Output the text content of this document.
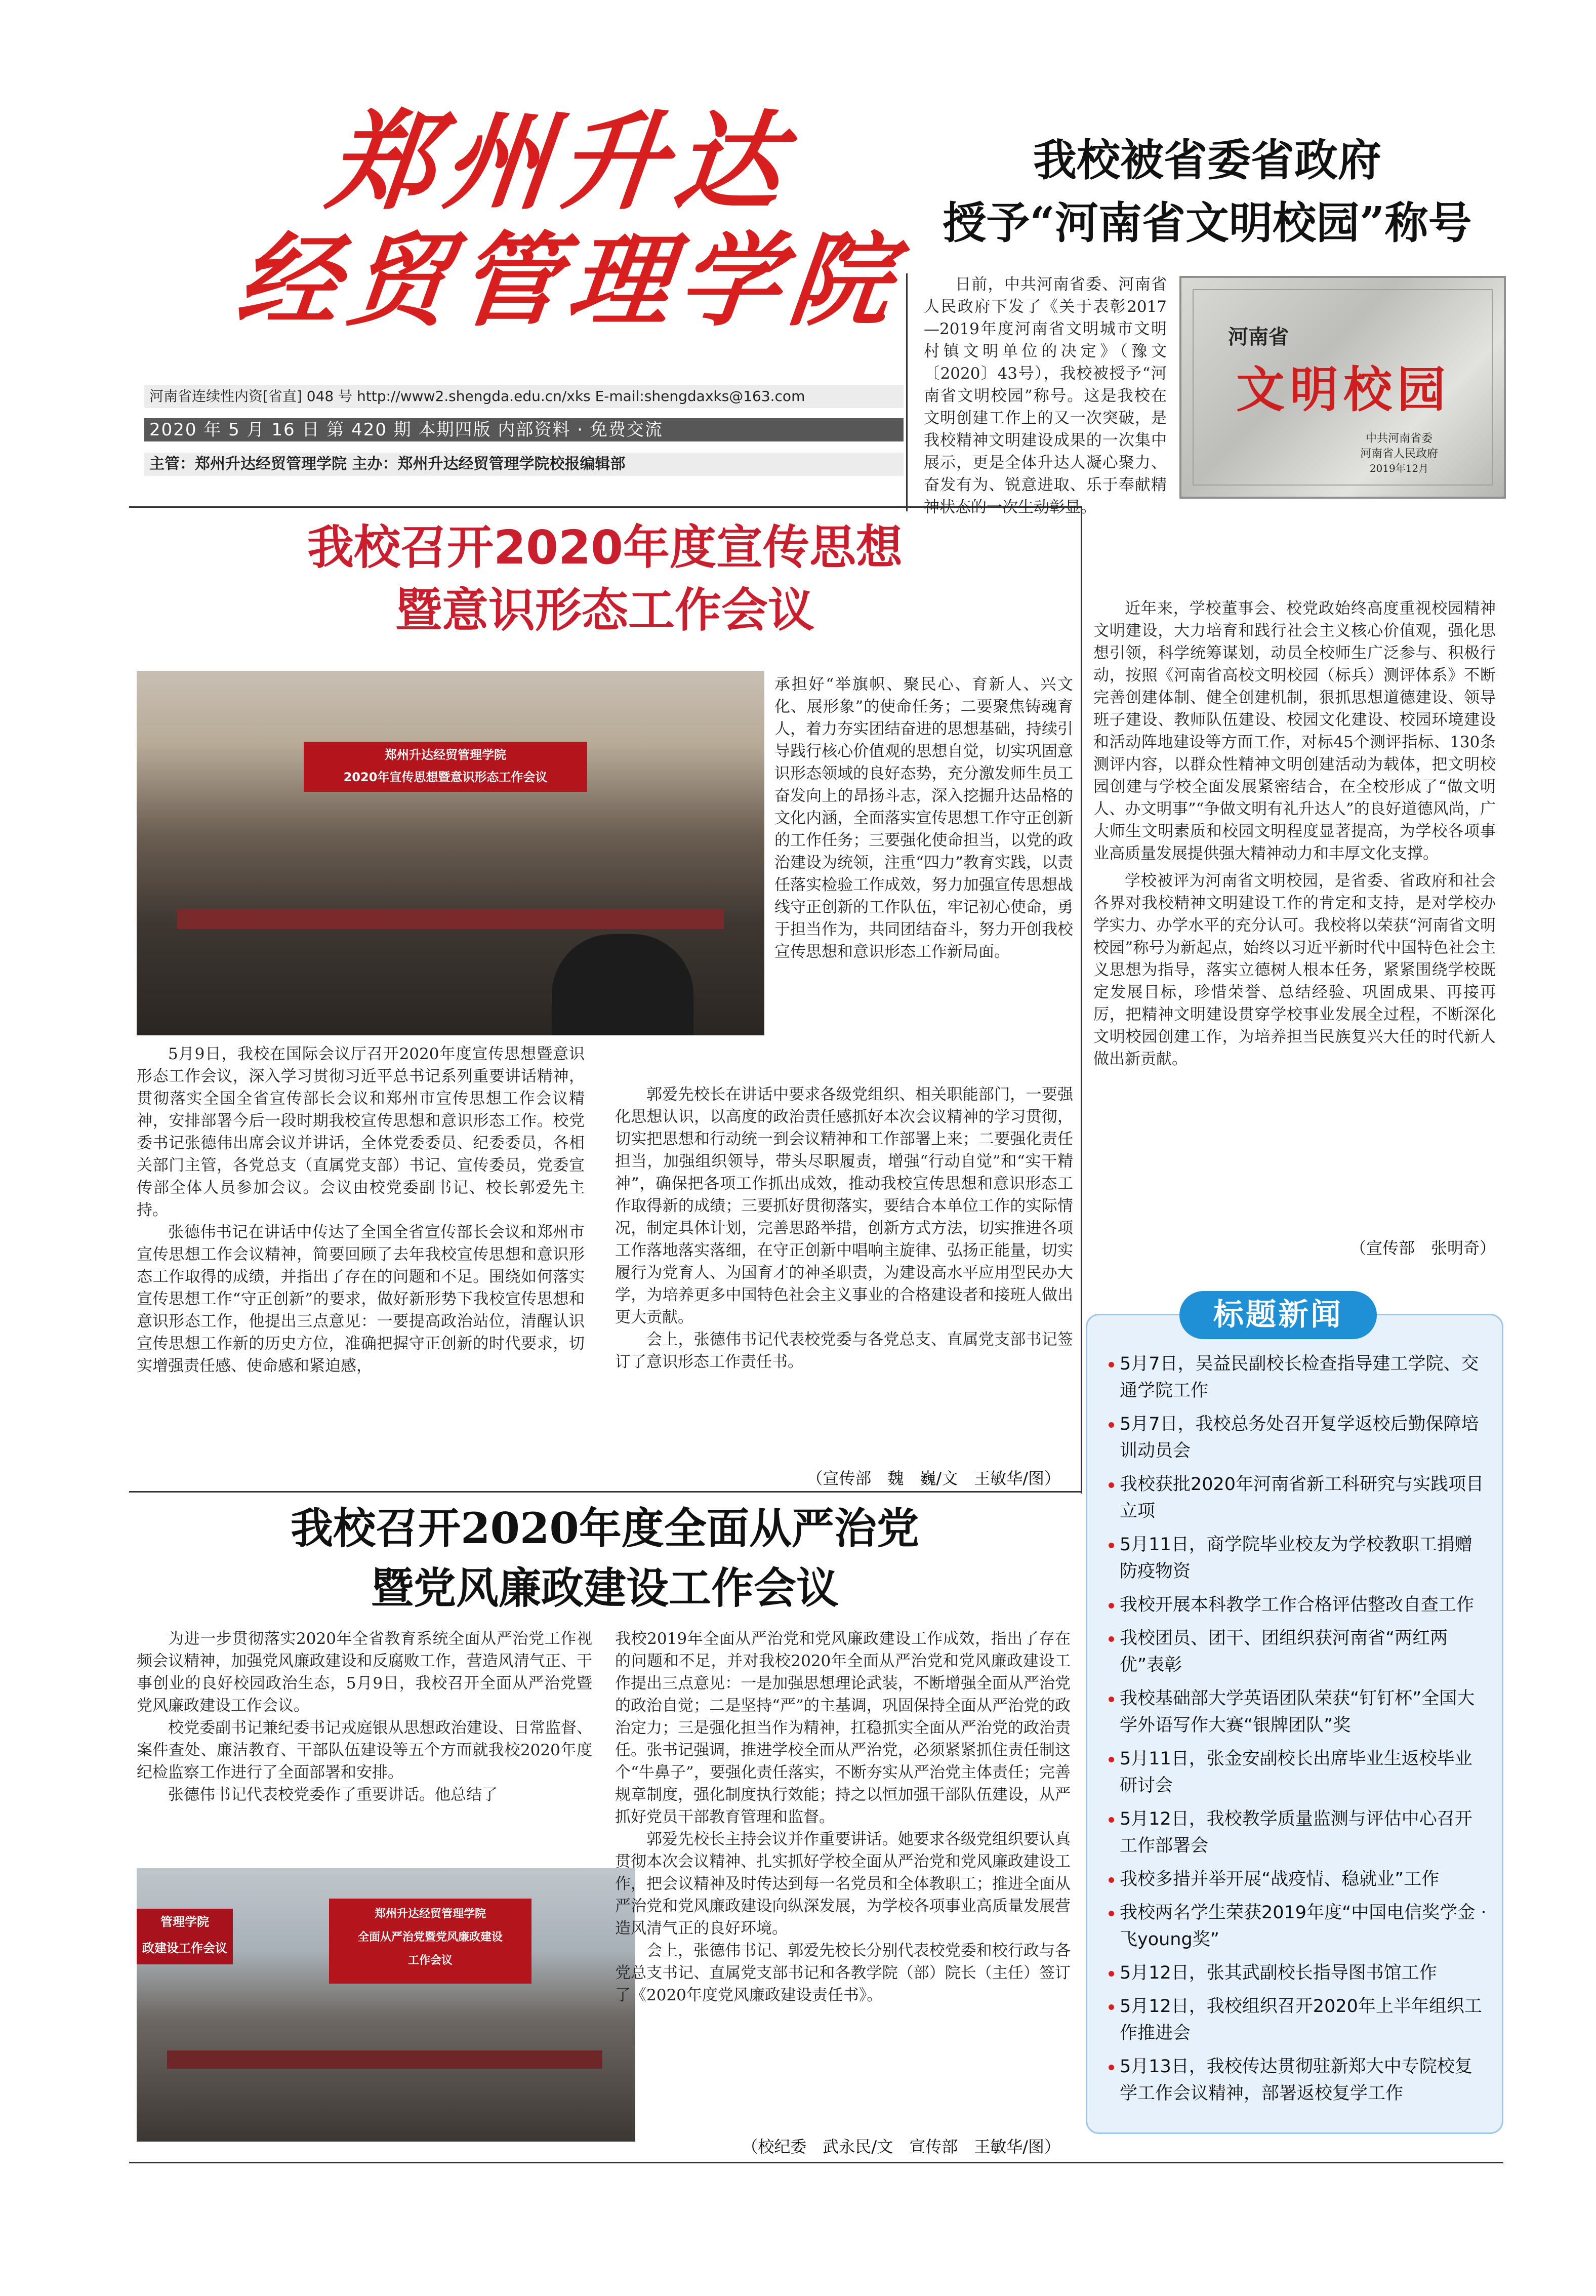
郑州升达
经贸管理学院
河南省连续性内资[省直] 048 号 http://www2.shengda.edu.cn/xks E-mail:shengdaxks@163.com
2020 年 5 月 16 日 第 420 期 本期四版 内部资料 · 免费交流
主管：郑州升达经贸管理学院 主办：郑州升达经贸管理学院校报编辑部
我校被省委省政府
授予“河南省文明校园”称号
河南省
文明校园
中共河南省委
河南省人民政府
2019年12月

日前，中共河南省委、河南省人民政府下发了《关于表彰2017—2019年度河南省文明城市文明村镇文明单位的决定》（豫文〔2020〕43号），我校被授予“河南省文明校园”称号。这是我校在文明创建工作上的又一次突破，是我校精神文明建设成果的一次集中展示，更是全体升达人凝心聚力、奋发有为、锐意进取、乐于奉献精神状态的一次生动彰显。

近年来，学校董事会、校党政始终高度重视校园精神文明建设，大力培育和践行社会主义核心价值观，强化思想引领，科学统筹谋划，动员全校师生广泛参与、积极行动，按照《河南省高校文明校园（标兵）测评体系》不断完善创建体制、健全创建机制，狠抓思想道德建设、领导班子建设、教师队伍建设、校园文化建设、校园环境建设和活动阵地建设等方面工作，对标45个测评指标、130条测评内容，以群众性精神文明创建活动为载体，把文明校园创建与学校全面发展紧密结合，在全校形成了“做文明人、办文明事”“争做文明有礼升达人”的良好道德风尚，广大师生文明素质和校园文明程度显著提高，为学校各项事业高质量发展提供强大精神动力和丰厚文化支撑。

学校被评为河南省文明校园，是省委、省政府和社会各界对我校精神文明建设工作的肯定和支持，是对学校办学实力、办学水平的充分认可。我校将以荣获“河南省文明校园”称号为新起点，始终以习近平新时代中国特色社会主义思想为指导，落实立德树人根本任务，紧紧围绕学校既定发展目标，珍惜荣誉、总结经验、巩固成果、再接再厉，把精神文明建设贯穿学校事业发展全过程，不断深化文明校园创建工作，为培养担当民族复兴大任的时代新人做出新贡献。

（宣传部　张明奇）
我校召开2020年度宣传思想
暨意识形态工作会议
郑州升达经贸管理学院
2020年宣传思想暨意识形态工作会议

承担好“举旗帜、聚民心、育新人、兴文化、展形象”的使命任务；二要聚焦铸魂育人，着力夯实团结奋进的思想基础，持续引导践行核心价值观的思想自觉，切实巩固意识形态领域的良好态势，充分激发师生员工奋发向上的昂扬斗志，深入挖掘升达品格的文化内涵，全面落实宣传思想工作守正创新的工作任务；三要强化使命担当，以党的政治建设为统领，注重“四力”教育实践，以责任落实检验工作成效，努力加强宣传思想战线守正创新的工作队伍，牢记初心使命，勇于担当作为，共同团结奋斗，努力开创我校宣传思想和意识形态工作新局面。

5月9日，我校在国际会议厅召开2020年度宣传思想暨意识形态工作会议，深入学习贯彻习近平总书记系列重要讲话精神，贯彻落实全国全省宣传部长会议和郑州市宣传思想工作会议精神，安排部署今后一段时期我校宣传思想和意识形态工作。校党委书记张德伟出席会议并讲话，全体党委委员、纪委委员，各相关部门主管，各党总支（直属党支部）书记、宣传委员，党委宣传部全体人员参加会议。会议由校党委副书记、校长郭爱先主持。

张德伟书记在讲话中传达了全国全省宣传部长会议和郑州市宣传思想工作会议精神，简要回顾了去年我校宣传思想和意识形态工作取得的成绩，并指出了存在的问题和不足。围绕如何落实宣传思想工作“守正创新”的要求，做好新形势下我校宣传思想和意识形态工作，他提出三点意见：一要提高政治站位，清醒认识宣传思想工作新的历史方位，准确把握守正创新的时代要求，切实增强责任感、使命感和紧迫感，

郭爱先校长在讲话中要求各级党组织、相关职能部门，一要强化思想认识，以高度的政治责任感抓好本次会议精神的学习贯彻，切实把思想和行动统一到会议精神和工作部署上来；二要强化责任担当，加强组织领导，带头尽职履责，增强“行动自觉”和“实干精神”，确保把各项工作抓出成效，推动我校宣传思想和意识形态工作取得新的成绩；三要抓好贯彻落实，要结合本单位工作的实际情况，制定具体计划，完善思路举措，创新方式方法，切实推进各项工作落地落实落细，在守正创新中唱响主旋律、弘扬正能量，切实履行为党育人、为国育才的神圣职责，为建设高水平应用型民办大学，为培养更多中国特色社会主义事业的合格建设者和接班人做出更大贡献。

会上，张德伟书记代表校党委与各党总支、直属党支部书记签订了意识形态工作责任书。

（宣传部　魏　巍/文　王敏华/图）
标题新闻
5月7日，吴益民副校长检查指导建工学院、交通学院工作
5月7日，我校总务处召开复学返校后勤保障培训动员会
我校获批2020年河南省新工科研究与实践项目立项
5月11日，商学院毕业校友为学校教职工捐赠防疫物资
我校开展本科教学工作合格评估整改自查工作
我校团员、团干、团组织获河南省“两红两优”表彰
我校基础部大学英语团队荣获“钉钉杯”全国大学外语写作大赛“银牌团队”奖
5月11日，张金安副校长出席毕业生返校毕业研讨会
5月12日，我校教学质量监测与评估中心召开工作部署会
我校多措并举开展“战疫情、稳就业”工作
我校两名学生荣获2019年度“中国电信奖学金 · 飞young奖”
5月12日，张其武副校长指导图书馆工作
5月12日，我校组织召开2020年上半年组织工作推进会
5月13日，我校传达贯彻驻新郑大中专院校复学工作会议精神，部署返校复学工作
我校召开2020年度全面从严治党
暨党风廉政建设工作会议

为进一步贯彻落实2020年全省教育系统全面从严治党工作视频会议精神，加强党风廉政建设和反腐败工作，营造风清气正、干事创业的良好校园政治生态，5月9日，我校召开全面从严治党暨党风廉政建设工作会议。

校党委副书记兼纪委书记戎庭银从思想政治建设、日常监督、案件查处、廉洁教育、干部队伍建设等五个方面就我校2020年度纪检监察工作进行了全面部署和安排。

张德伟书记代表校党委作了重要讲话。他总结了

管理学院
政建设工作会议
郑州升达经贸管理学院
全面从严治党暨党风廉政建设
工作会议

我校2019年全面从严治党和党风廉政建设工作成效，指出了存在的问题和不足，并对我校2020年全面从严治党和党风廉政建设工作提出三点意见：一是加强思想理论武装，不断增强全面从严治党的政治自觉；二是坚持“严”的主基调，巩固保持全面从严治党的政治定力；三是强化担当作为精神，扛稳抓实全面从严治党的政治责任。张书记强调，推进学校全面从严治党，必须紧紧抓住责任制这个“牛鼻子”，要强化责任落实，不断夯实从严治党主体责任；完善规章制度，强化制度执行效能；持之以恒加强干部队伍建设，从严抓好党员干部教育管理和监督。

郭爱先校长主持会议并作重要讲话。她要求各级党组织要认真贯彻本次会议精神、扎实抓好学校全面从严治党和党风廉政建设工作，把会议精神及时传达到每一名党员和全体教职工；推进全面从严治党和党风廉政建设向纵深发展，为学校各项事业高质量发展营造风清气正的良好环境。

会上，张德伟书记、郭爱先校长分别代表校党委和校行政与各党总支书记、直属党支部书记和各教学院（部）院长（主任）签订了《2020年度党风廉政建设责任书》。

（校纪委　武永民/文　宣传部　王敏华/图）
